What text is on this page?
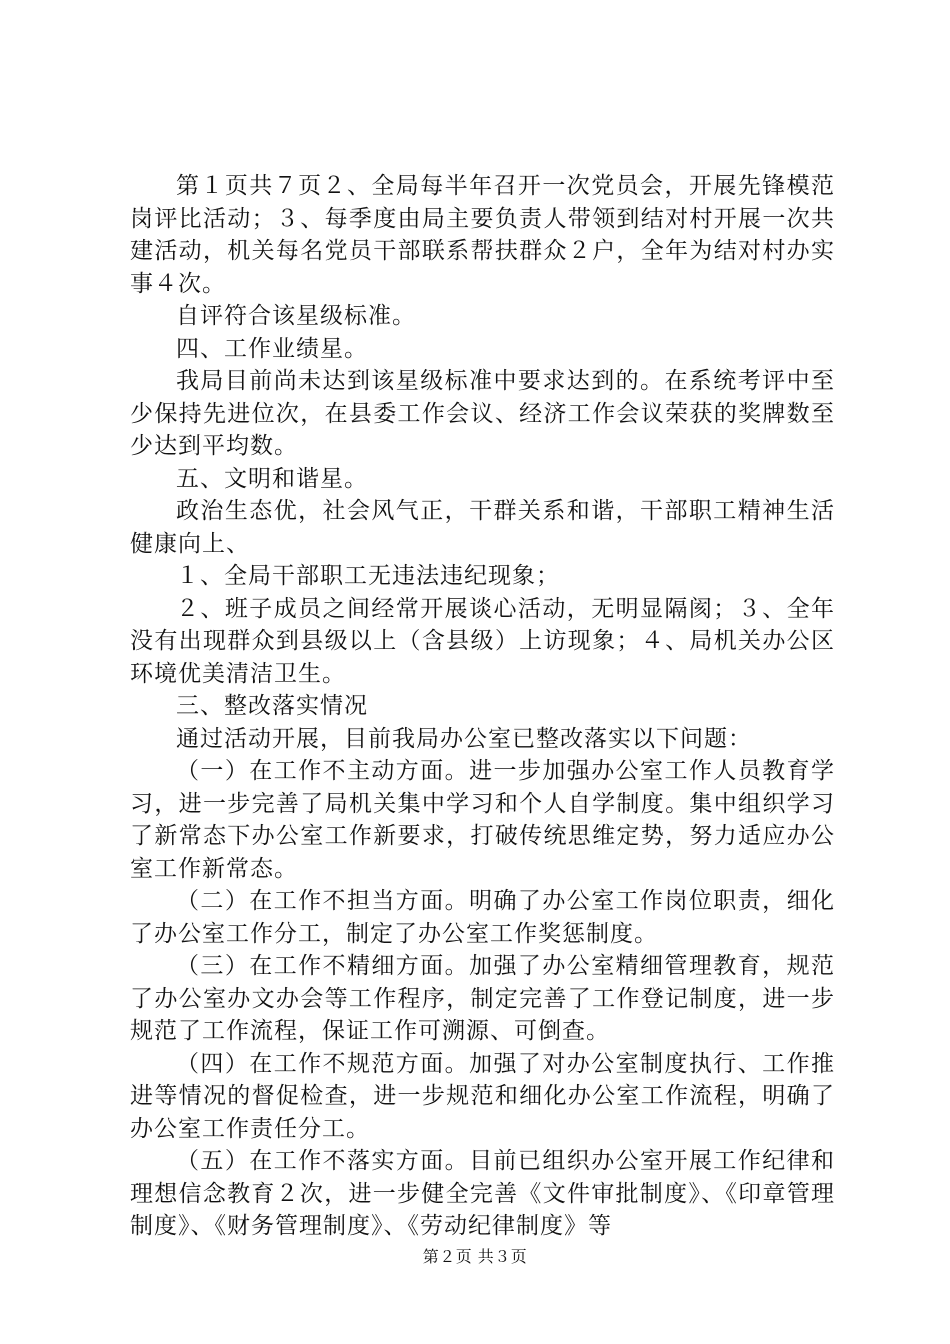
第１页共７页２、全局每半年召开一次党员会，开展先锋模范岗评比活动；３、每季度由局主要负责人带领到结对村开展一次共建活动，机关每名党员干部联系帮扶群众２户，全年为结对村办实事４次。

自评符合该星级标准。

四、工作业绩星。

我局目前尚未达到该星级标准中要求达到的。在系统考评中至少保持先进位次，在县委工作会议、经济工作会议荣获的奖牌数至少达到平均数。

五、文明和谐星。

政治生态优，社会风气正，干群关系和谐，干部职工精神生活健康向上、

１、全局干部职工无违法违纪现象；

２、班子成员之间经常开展谈心活动，无明显隔阂；３、全年没有出现群众到县级以上（含县级）上访现象；４、局机关办公区环境优美清洁卫生。

三、整改落实情况

通过活动开展，目前我局办公室已整改落实以下问题：

（一）在工作不主动方面。进一步加强办公室工作人员教育学习，进一步完善了局机关集中学习和个人自学制度。集中组织学习了新常态下办公室工作新要求，打破传统思维定势，努力适应办公室工作新常态。

（二）在工作不担当方面。明确了办公室工作岗位职责，细化了办公室工作分工，制定了办公室工作奖惩制度。

（三）在工作不精细方面。加强了办公室精细管理教育，规范了办公室办文办会等工作程序，制定完善了工作登记制度，进一步规范了工作流程，保证工作可溯源、可倒查。

（四）在工作不规范方面。加强了对办公室制度执行、工作推进等情况的督促检查，进一步规范和细化办公室工作流程，明确了办公室工作责任分工。

（五）在工作不落实方面。目前已组织办公室开展工作纪律和理想信念教育２次，进一步健全完善《文件审批制度》、《印章管理制度》、《财务管理制度》、《劳动纪律制度》等

第２页 共３页
